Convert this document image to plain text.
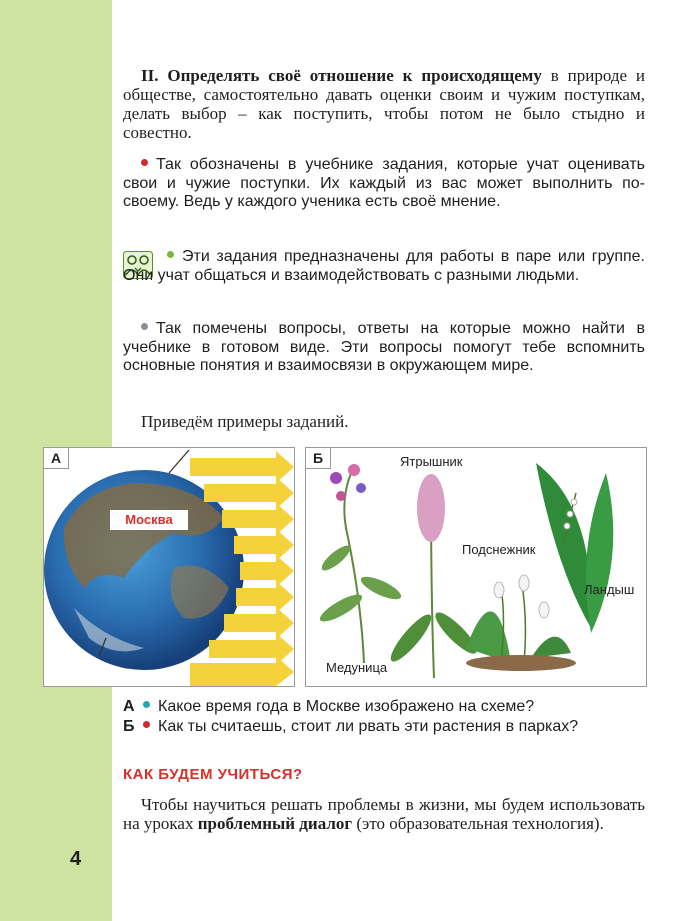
4
II. Определять своё отношение к происходящему в природе и обществе, самостоятельно давать оценки своим и чужим поступкам, делать выбор – как поступить, чтобы потом не было стыдно и совестно.
Так обозначены в учебнике задания, которые учат оценивать свои и чужие поступки. Их каждый из вас может выполнить по-своему. Ведь у каждого ученика есть своё мнение.
Эти задания предназначены для работы в паре или группе. Они учат общаться и взаимодействовать с разными людьми.
Так помечены вопросы, ответы на которые можно найти в учебнике в готовом виде. Эти вопросы помогут тебе вспомнить основные понятия и взаимосвязи в окружающем мире.
Приведём примеры заданий.
А
Москва
Б	Ятрышник
Подснежник
Ландыш
Медуница
А Какое время года в Москве изображено на схеме?
Б Как ты считаешь, стоит ли рвать эти растения в парках?
КАК БУДЕМ УЧИТЬСЯ?
Чтобы научиться решать проблемы в жизни, мы будем использовать на уроках проблемный диалог (это образовательная технология).
